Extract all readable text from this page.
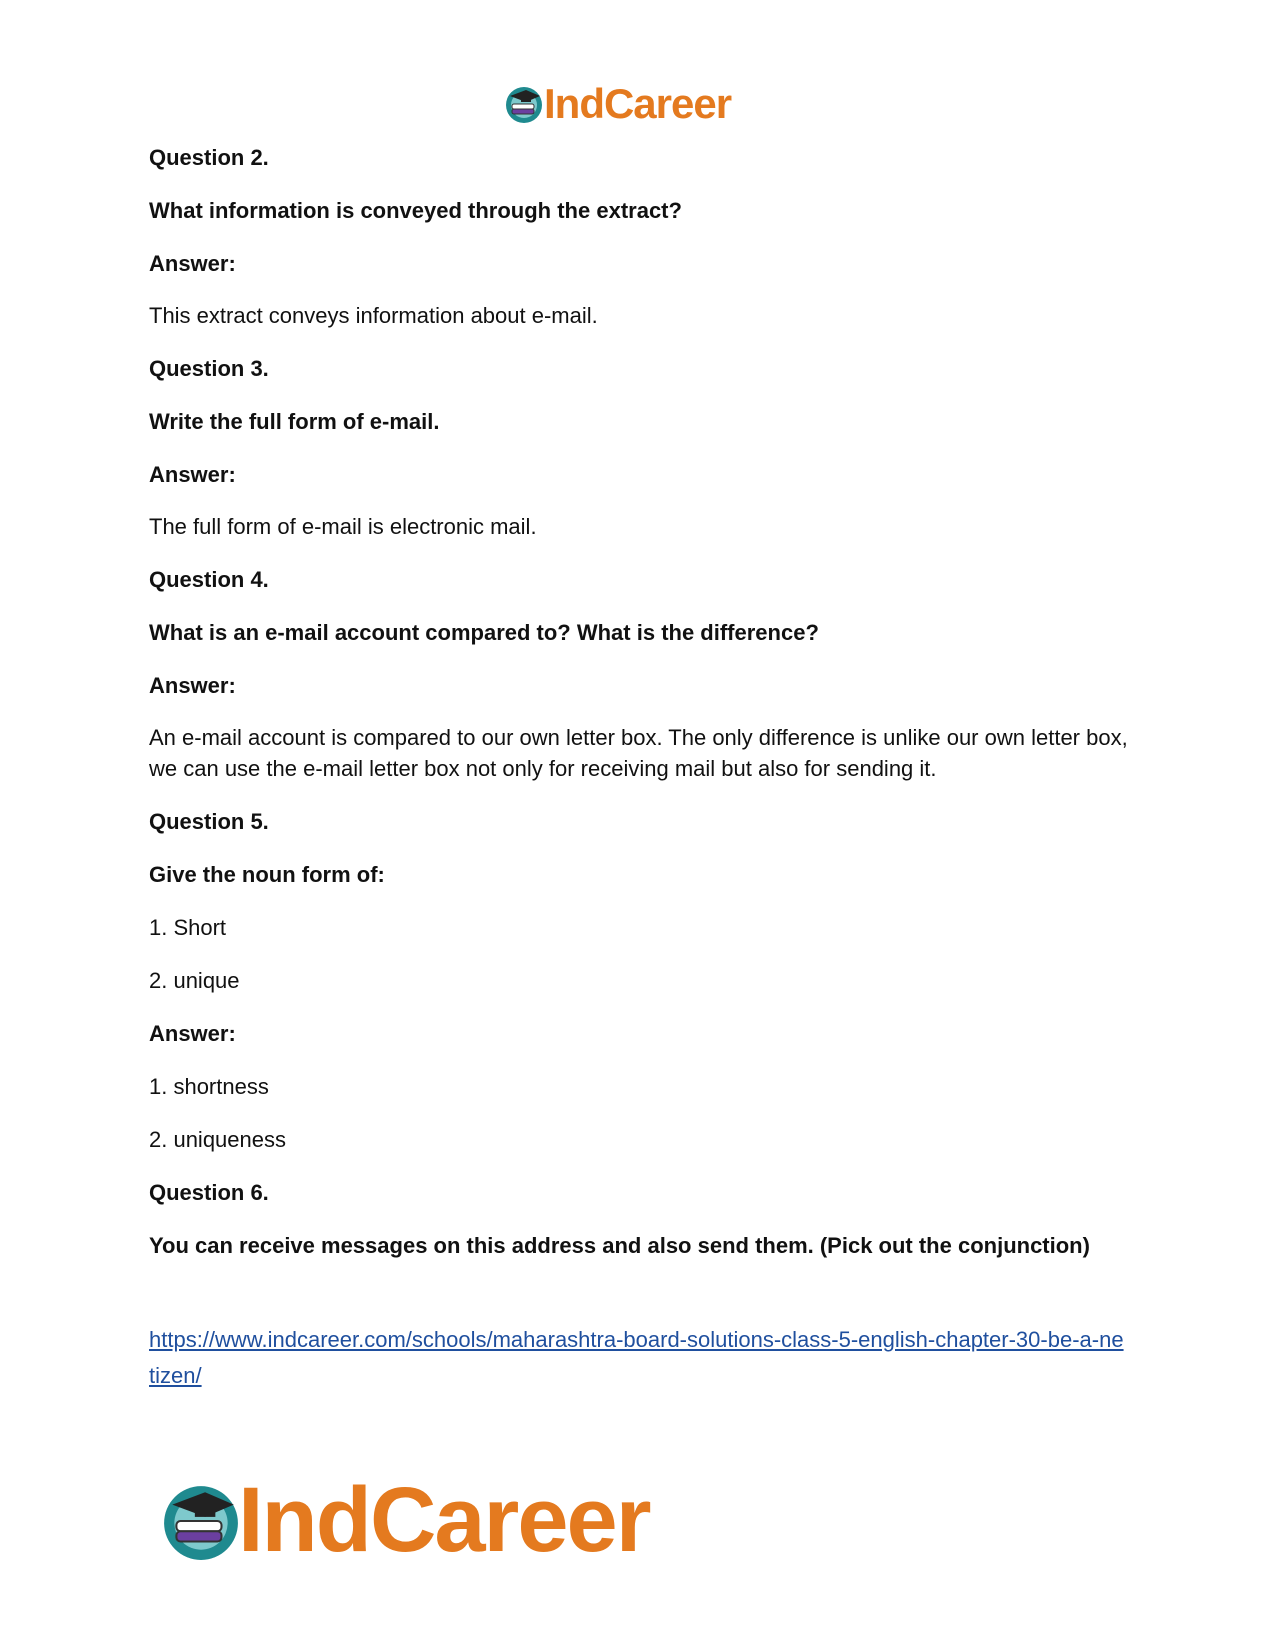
IndCareer

Question 2.

What information is conveyed through the extract?

Answer:

This extract conveys information about e-mail.

Question 3.

Write the full form of e-mail.

Answer:

The full form of e-mail is electronic mail.

Question 4.

What is an e-mail account compared to? What is the difference?

Answer:

An e-mail account is compared to our own letter box. The only difference is unlike our own letter box, we can use the e-mail letter box not only for receiving mail but also for sending it.

Question 5.

Give the noun form of:

1. Short

2. unique

Answer:

1. shortness

2. uniqueness

Question 6.

You can receive messages on this address and also send them. (Pick out the conjunction)

https://www.indcareer.com/schools/maharashtra-board-solutions-class-5-english-chapter-30-be-a-netizen/
IndCareer
